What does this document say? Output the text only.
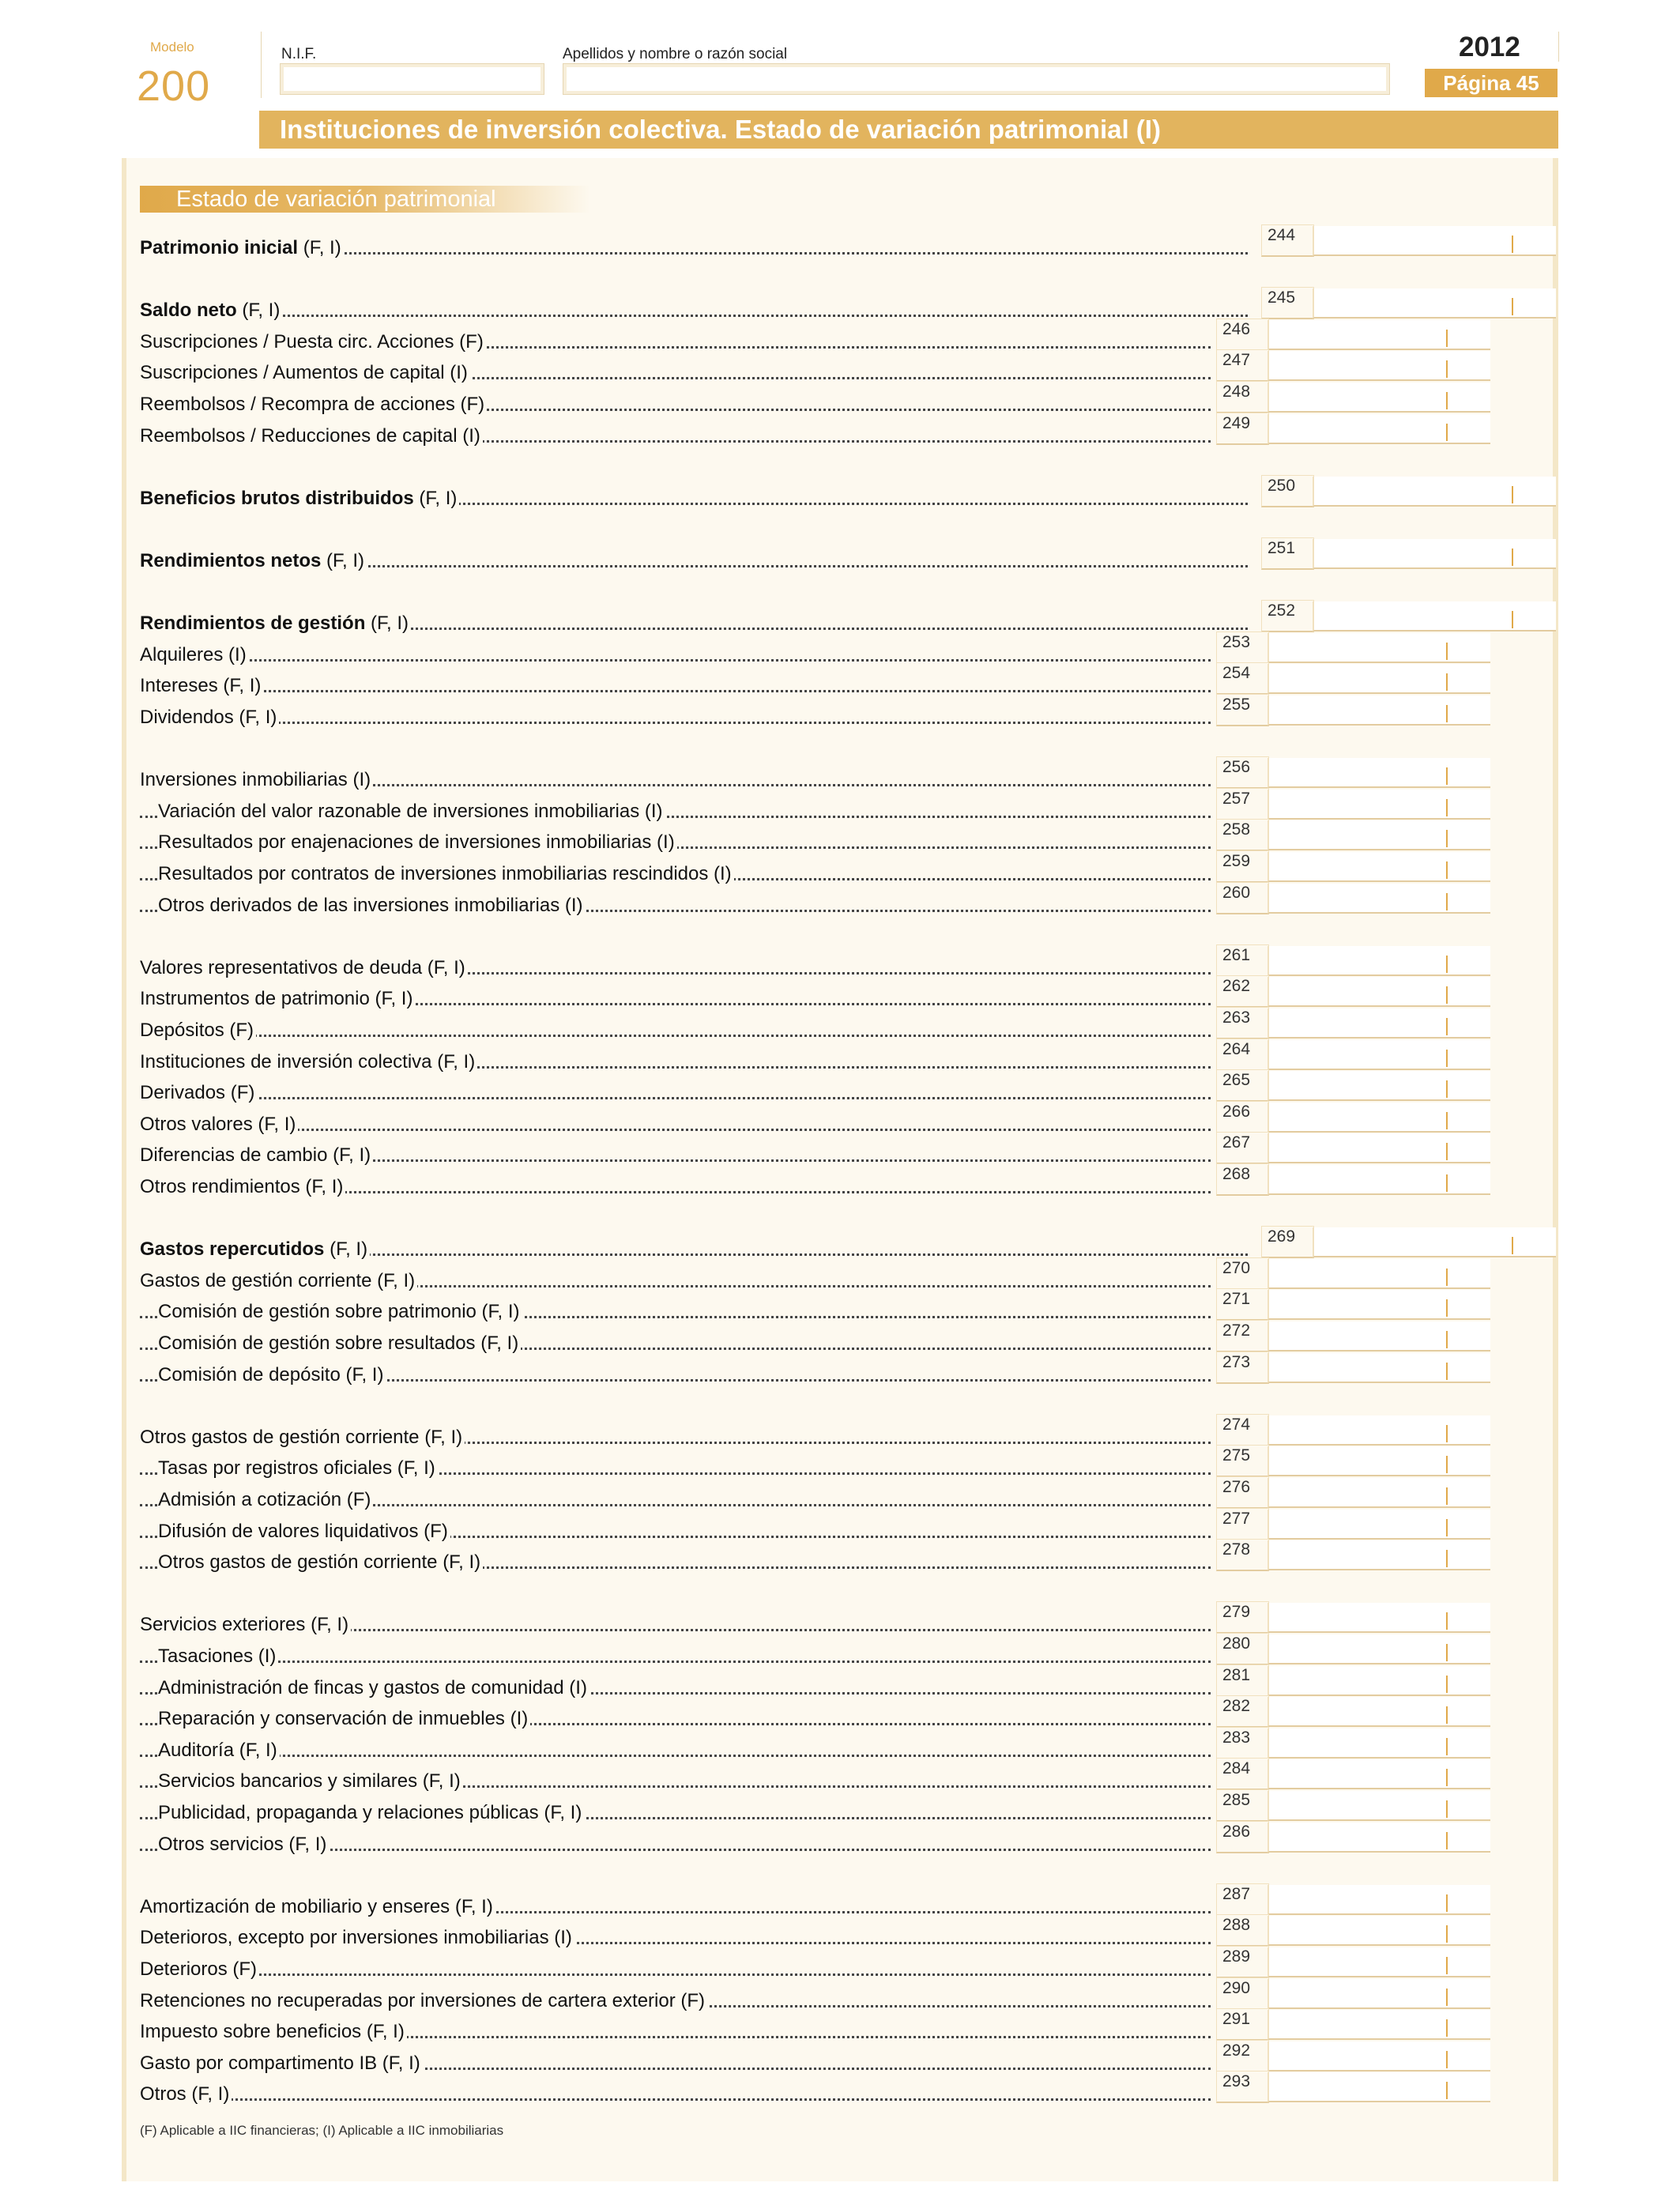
Modelo
200
N.I.F.	Apellidos y nombre o razón social	2012
Página 45
Instituciones de inversión colectiva. Estado de variación patrimonial (I)
Estado de variación patrimonial
Patrimonio inicial (F, I)
244
Saldo neto (F, I)
245
Suscripciones / Puesta circ. Acciones (F)
246
Suscripciones / Aumentos de capital (I)
247
Reembolsos / Recompra de acciones (F)
248
Reembolsos / Reducciones de capital (I)
249
Beneficios brutos distribuidos (F, I)
250
Rendimientos netos (F, I)
251
Rendimientos de gestión (F, I)
252
Alquileres (I)
253
Intereses (F, I)
254
Dividendos (F, I)
255
Inversiones inmobiliarias (I)
256
Variación del valor razonable de inversiones inmobiliarias (I)
257
Resultados por enajenaciones de inversiones inmobiliarias (I)
258
Resultados por contratos de inversiones inmobiliarias rescindidos (I)
259
Otros derivados de las inversiones inmobiliarias (I)
260
Valores representativos de deuda (F, I)
261
Instrumentos de patrimonio (F, I)
262
Depósitos (F)
263
Instituciones de inversión colectiva (F, I)
264
Derivados (F)
265
Otros valores (F, I)
266
Diferencias de cambio (F, I)
267
Otros rendimientos (F, I)
268
Gastos repercutidos (F, I)
269
Gastos de gestión corriente (F, I)
270
Comisión de gestión sobre patrimonio (F, I)
271
Comisión de gestión sobre resultados (F, I)
272
Comisión de depósito (F, I)
273
Otros gastos de gestión corriente (F, I)
274
Tasas por registros oficiales (F, I)
275
Admisión a cotización (F)
276
Difusión de valores liquidativos (F)
277
Otros gastos de gestión corriente (F, I)
278
Servicios exteriores (F, I)
279
Tasaciones (I)
280
Administración de fincas y gastos de comunidad (I)
281
Reparación y conservación de inmuebles (I)
282
Auditoría (F, I)
283
Servicios bancarios y similares (F, I)
284
Publicidad, propaganda y relaciones públicas (F, I)
285
Otros servicios (F, I)
286
Amortización de mobiliario y enseres (F, I)
287
Deterioros, excepto por inversiones inmobiliarias (I)
288
Deterioros (F)
289
Retenciones no recuperadas por inversiones de cartera exterior (F)
290
Impuesto sobre beneficios (F, I)
291
Gasto por compartimento IB (F, I)
292
Otros (F, I)
293
(F) Aplicable a IIC financieras; (I) Aplicable a IIC inmobiliarias
